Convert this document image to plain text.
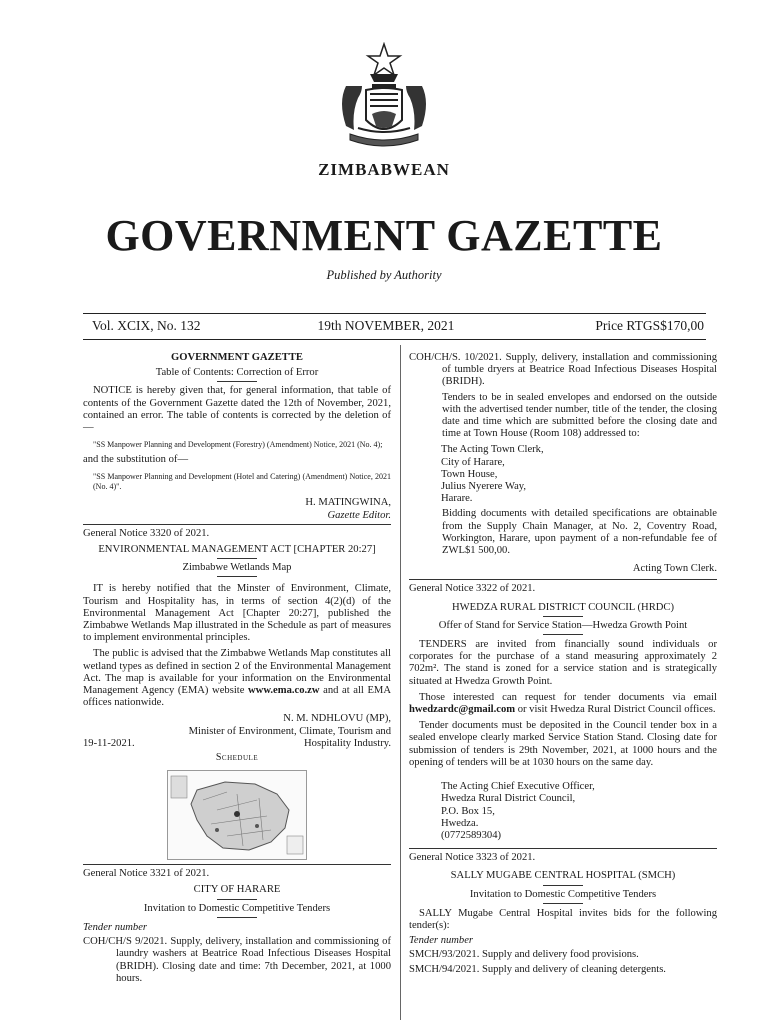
ZIMBABWEAN
GOVERNMENT GAZETTE
Published by Authority
Vol. XCIX, No. 132	19th NOVEMBER, 2021	Price RTGS$170,00
GOVERNMENT GAZETTE
Table of Contents: Correction of Error
NOTICE is hereby given that, for general information, that table of contents of the Government Gazette dated the 12th of November, 2021, contained an error. The table of contents is corrected by the deletion of—
"SS Manpower Planning and Development (Forestry) (Amendment) Notice, 2021 (No. 4);
and the substitution of—
"SS Manpower Planning and Development (Hotel and Catering) (Amendment) Notice, 2021 (No. 4)".
H. MATINGWINA,
Gazette Editor.
General Notice 3320 of 2021.
ENVIRONMENTAL MANAGEMENT ACT [CHAPTER 20:27]
Zimbabwe Wetlands Map
IT is hereby notified that the Minster of Environment, Climate, Tourism and Hospitality has, in terms of section 4(2)(d) of the Environmental Management Act [Chapter 20:27], published the Zimbabwe Wetlands Map illustrated in the Schedule as part of measures to implement environmental principles.
The public is advised that the Zimbabwe Wetlands Map constitutes all wetland types as defined in section 2 of the Environmental Management Act. The map is available for your information on the Environmental Management Agency (EMA) website www.ema.co.zw and at all EMA offices nationwide.
N. M. NDHLOVU (MP),
Minister of Environment, Climate, Tourism and
19-11-2021.	Hospitality Industry.
Schedule
General Notice 3321 of 2021.
CITY OF HARARE
Invitation to Domestic Competitive Tenders
Tender number
COH/CH/S 9/2021. Supply, delivery, installation and commissioning of laundry washers at Beatrice Road Infectious Diseases Hospital (BRIDH). Closing date and time: 7th December, 2021, at 1000 hours.
COH/CH/S. 10/2021. Supply, delivery, installation and commissioning of tumble dryers at Beatrice Road Infectious Diseases Hospital (BRIDH).
Tenders to be in sealed envelopes and endorsed on the outside with the advertised tender number, title of the tender, the closing date and time which are submitted before the closing date and time at Town House (Room 108) addressed to:
The Acting Town Clerk,
City of Harare,
Town House,
Julius Nyerere Way,
Harare.
Bidding documents with detailed specifications are obtainable from the Supply Chain Manager, at No. 2, Coventry Road, Workington, Harare, upon payment of a non-refundable fee of ZWL$1 500,00.
Acting Town Clerk.
General Notice 3322 of 2021.
HWEDZA RURAL DISTRICT COUNCIL (HRDC)
Offer of Stand for Service Station—Hwedza Growth Point
TENDERS are invited from financially sound individuals or corporates for the purchase of a stand measuring approximately 2 702m². The stand is zoned for a service station and is strategically situated at Hwedza Growth Point.
Those interested can request for tender documents via email hwedzardc@gmail.com or visit Hwedza Rural District Council offices.
Tender documents must be deposited in the Council tender box in a sealed envelope clearly marked Service Station Stand. Closing date for submission of tenders is 29th November, 2021, at 1000 hours and the opening of tenders will be at 1030 hours on the same day.
The Acting Chief Executive Officer,
Hwedza Rural District Council,
P.O. Box 15,
Hwedza.
(0772589304)
General Notice 3323 of 2021.
SALLY MUGABE CENTRAL HOSPITAL (SMCH)
Invitation to Domestic Competitive Tenders
SALLY Mugabe Central Hospital invites bids for the following tender(s):
Tender number
SMCH/93/2021. Supply and delivery food provisions.
SMCH/94/2021. Supply and delivery of cleaning detergents.
